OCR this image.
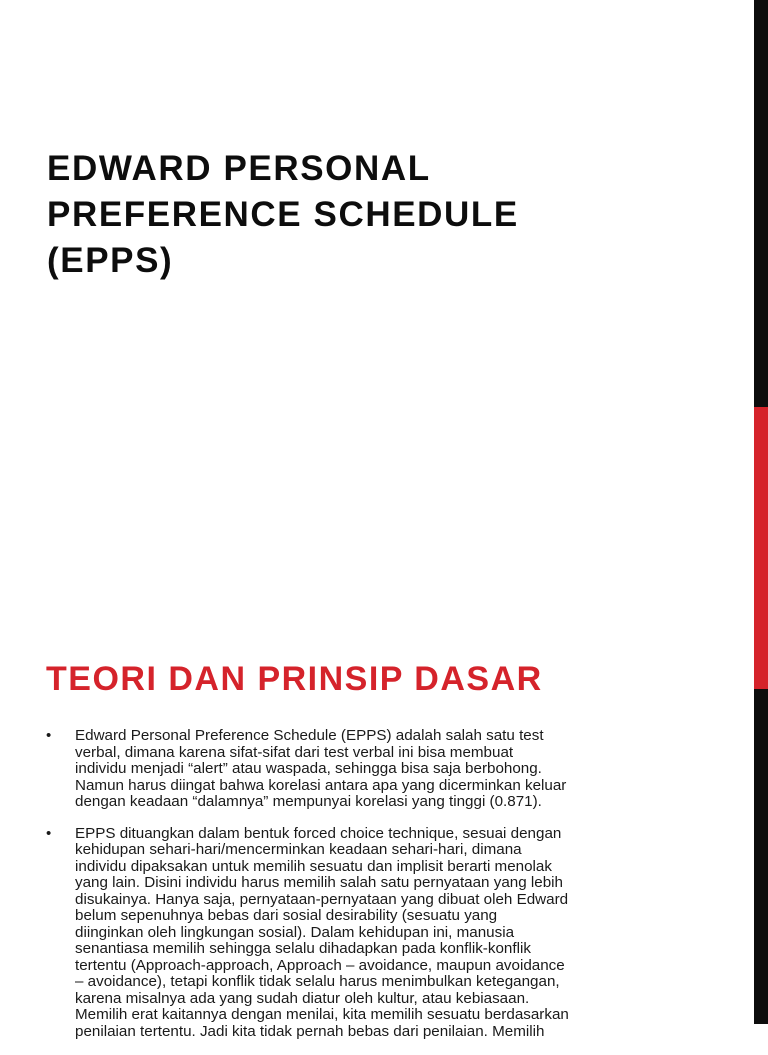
EDWARD PERSONAL
PREFERENCE SCHEDULE
(EPPS)
TEORI DAN PRINSIP DASAR
• Edward Personal Preference Schedule (EPPS) adalah salah satu test
verbal, dimana karena sifat-sifat dari test verbal ini bisa membuat
individu menjadi “alert” atau waspada, sehingga bisa saja berbohong.
Namun harus diingat bahwa korelasi antara apa yang dicerminkan keluar
dengan keadaan “dalamnya” mempunyai korelasi yang tinggi (0.871).
• EPPS dituangkan dalam bentuk forced choice technique, sesuai dengan
kehidupan sehari-hari/mencerminkan keadaan sehari-hari, dimana
individu dipaksakan untuk memilih sesuatu dan implisit berarti menolak
yang lain. Disini individu harus memilih salah satu pernyataan yang lebih
disukainya. Hanya saja, pernyataan-pernyataan yang dibuat oleh Edward
belum sepenuhnya bebas dari sosial desirability (sesuatu yang
diinginkan oleh lingkungan sosial). Dalam kehidupan ini, manusia
senantiasa memilih sehingga selalu dihadapkan pada konflik-konflik
tertentu (Approach-approach, Approach – avoidance, maupun avoidance
– avoidance), tetapi konflik tidak selalu harus menimbulkan ketegangan,
karena misalnya ada yang sudah diatur oleh kultur, atau kebiasaan.
Memilih erat kaitannya dengan menilai, kita memilih sesuatu berdasarkan
penilaian tertentu. Jadi kita tidak pernah bebas dari penilaian. Memilih
